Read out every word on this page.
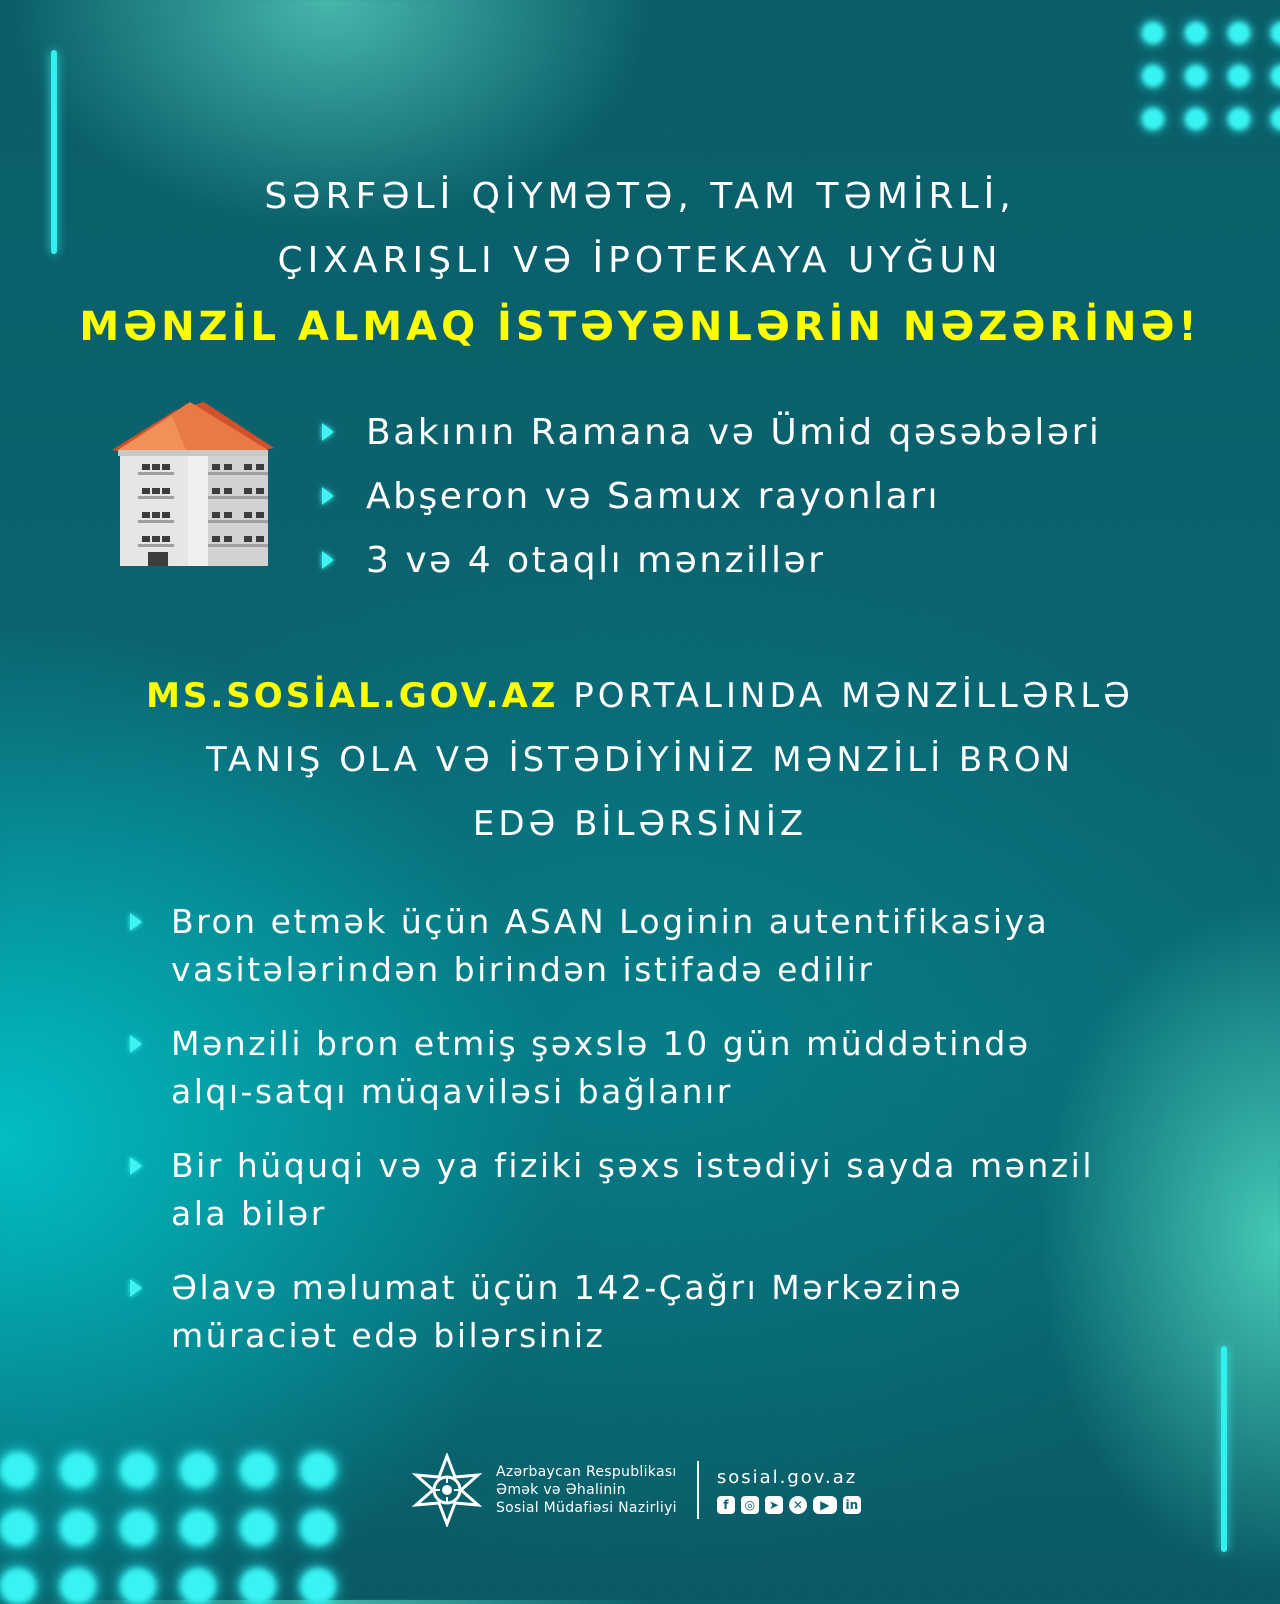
SƏRFƏLİ QİYMƏTƏ, TAM TƏMİRLİ,
ÇIXARIŞLI VƏ İPOTEKAYA UYĞUN
MƏNZİL ALMAQ İSTƏYƏNLƏRİN NƏZƏRİNƏ!
Bakının Ramana və Ümid qəsəbələri
Abşeron və Samux rayonları
3 və 4 otaqlı mənzillər
MS.SOSİAL.GOV.AZ PORTALINDA MƏNZİLLƏRLƏ
TANIŞ OLA VƏ İSTƏDİYİNİZ MƏNZİLİ BRON
EDƏ BİLƏRSİNİZ
Bron etmək üçün ASAN Loginin autentifikasiya
vasitələrindən birindən istifadə edilir
Mənzili bron etmiş şəxslə 10 gün müddətində
alqı-satqı müqaviləsi bağlanır
Bir hüquqi və ya fiziki şəxs istədiyi sayda mənzil
ala bilər
Əlavə məlumat üçün 142-Çağrı Mərkəzinə
müraciət edə bilərsiniz
Azərbaycan Respublikası
Əmək və Əhalinin
Sosial Müdafiəsi Nazirliyi
sosial.gov.az
f	◎	➤	✕	▶	in
